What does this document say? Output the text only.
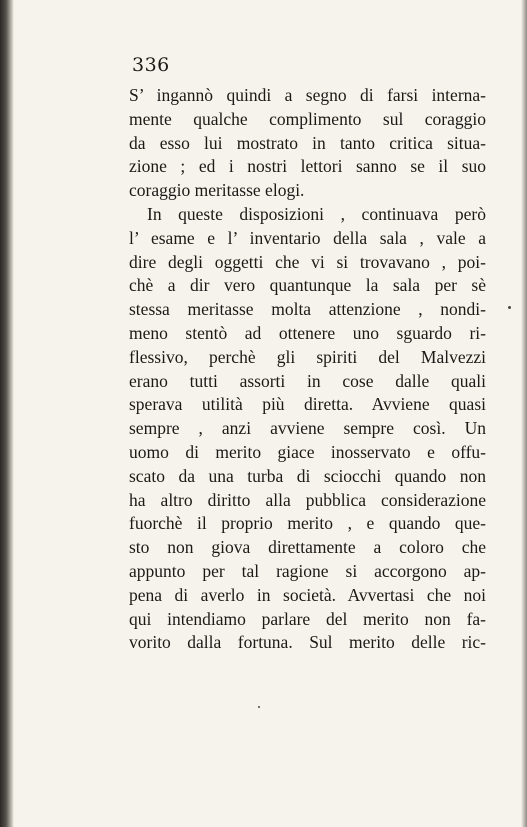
336
S’ ingannò quindi a segno di farsi interna-
mente qualche complimento sul coraggio
da esso lui mostrato in tanto critica situa-
zione ; ed i nostri lettori sanno se il suo
coraggio meritasse elogi.
In queste disposizioni , continuava però
l’ esame e l’ inventario della sala , vale a
dire degli oggetti che vi si trovavano , poi-
chè a dir vero quantunque la sala per sè
stessa meritasse molta attenzione , nondi-
meno stentò ad ottenere uno sguardo ri-
flessivo, perchè gli spiriti del Malvezzi
erano tutti assorti in cose dalle quali
sperava utilità più diretta. Avviene quasi
sempre , anzi avviene sempre così. Un
uomo di merito giace inosservato e offu-
scato da una turba di sciocchi quando non
ha altro diritto alla pubblica considerazione
fuorchè il proprio merito , e quando que-
sto non giova direttamente a coloro che
appunto per tal ragione si accorgono ap-
pena di averlo in società. Avvertasi che noi
qui intendiamo parlare del merito non fa-
vorito dalla fortuna. Sul merito delle ric-
